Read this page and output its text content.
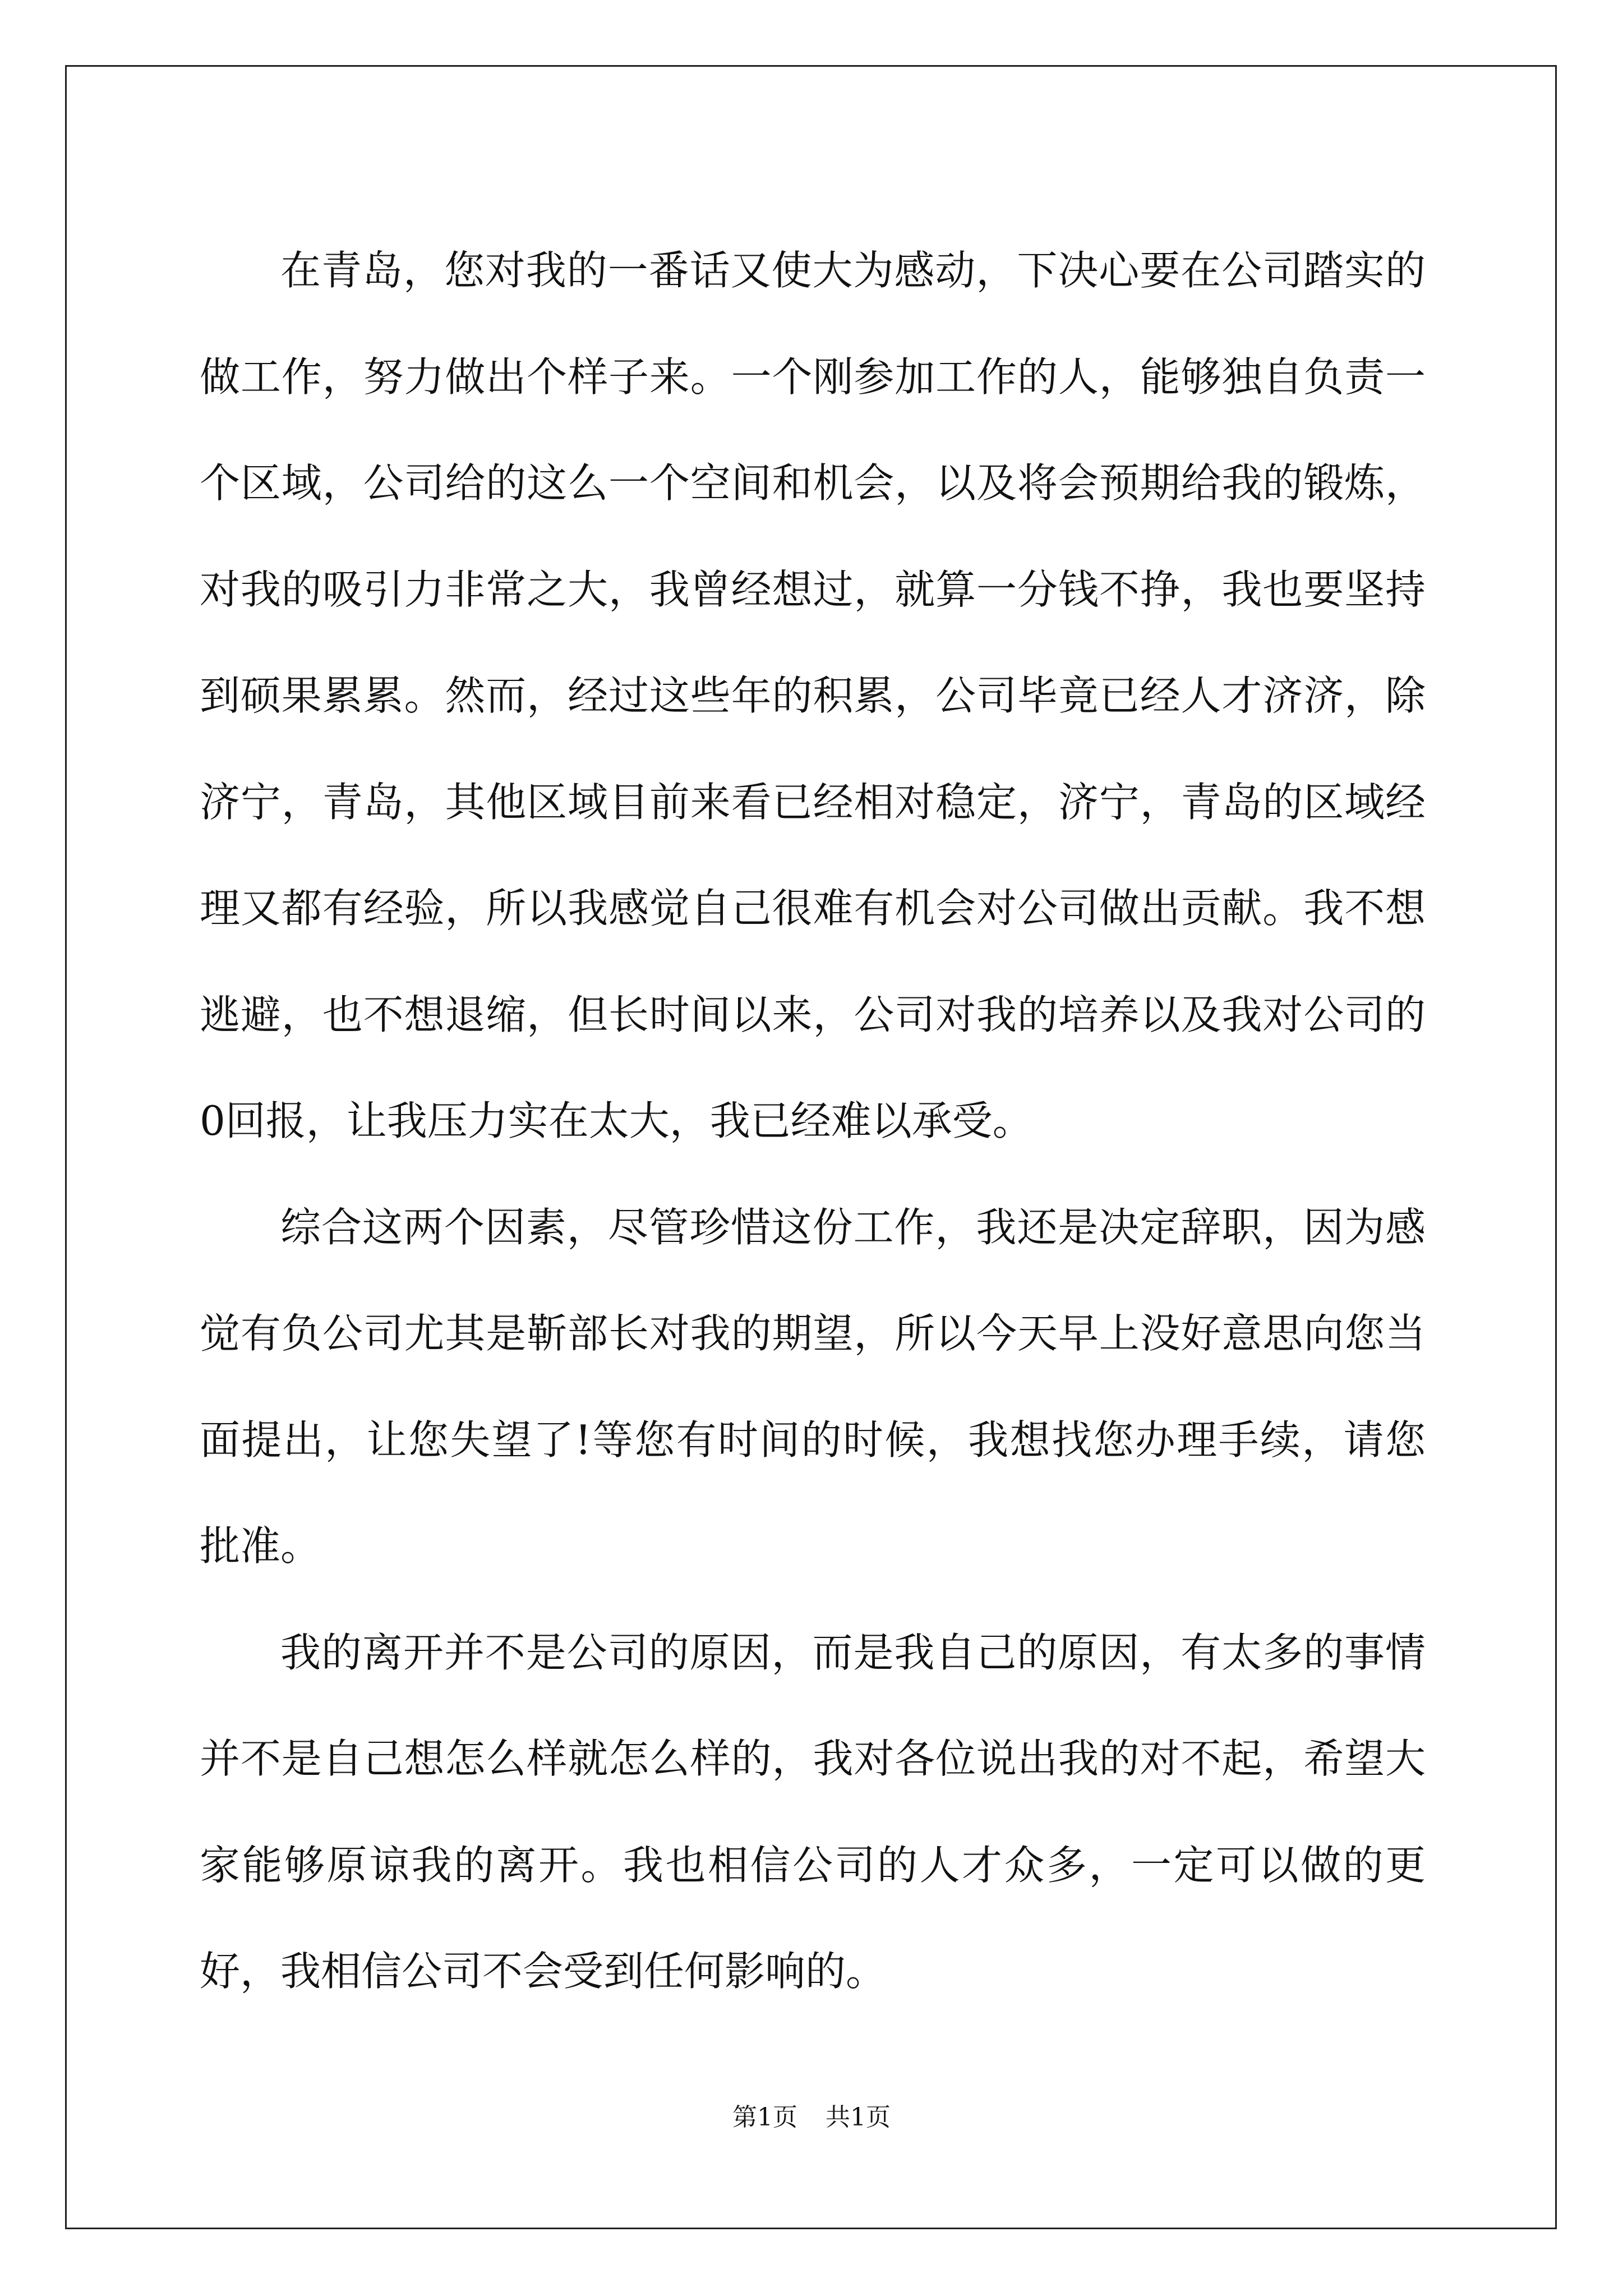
在青岛，您对我的一番话又使大为感动，下决心要在公司踏实的做工作，努力做出个样子来。一个刚参加工作的人，能够独自负责一个区域，公司给的这么一个空间和机会，以及将会预期给我的锻炼，对我的吸引力非常之大，我曾经想过，就算一分钱不挣，我也要坚持到硕果累累。然而，经过这些年的积累，公司毕竟已经人才济济，除济宁，青岛，其他区域目前来看已经相对稳定，济宁，青岛的区域经理又都有经验，所以我感觉自己很难有机会对公司做出贡献。我不想逃避，也不想退缩，但长时间以来，公司对我的培养以及我对公司的0回报，让我压力实在太大，我已经难以承受。

综合这两个因素，尽管珍惜这份工作，我还是决定辞职，因为感觉有负公司尤其是靳部长对我的期望，所以今天早上没好意思向您当面提出，让您失望了!等您有时间的时候，我想找您办理手续，请您批准。

我的离开并不是公司的原因，而是我自己的原因，有太多的事情并不是自己想怎么样就怎么样的，我对各位说出我的对不起，希望大家能够原谅我的离开。我也相信公司的人才众多，一定可以做的更好，我相信公司不会受到任何影响的。

第1页 共1页
